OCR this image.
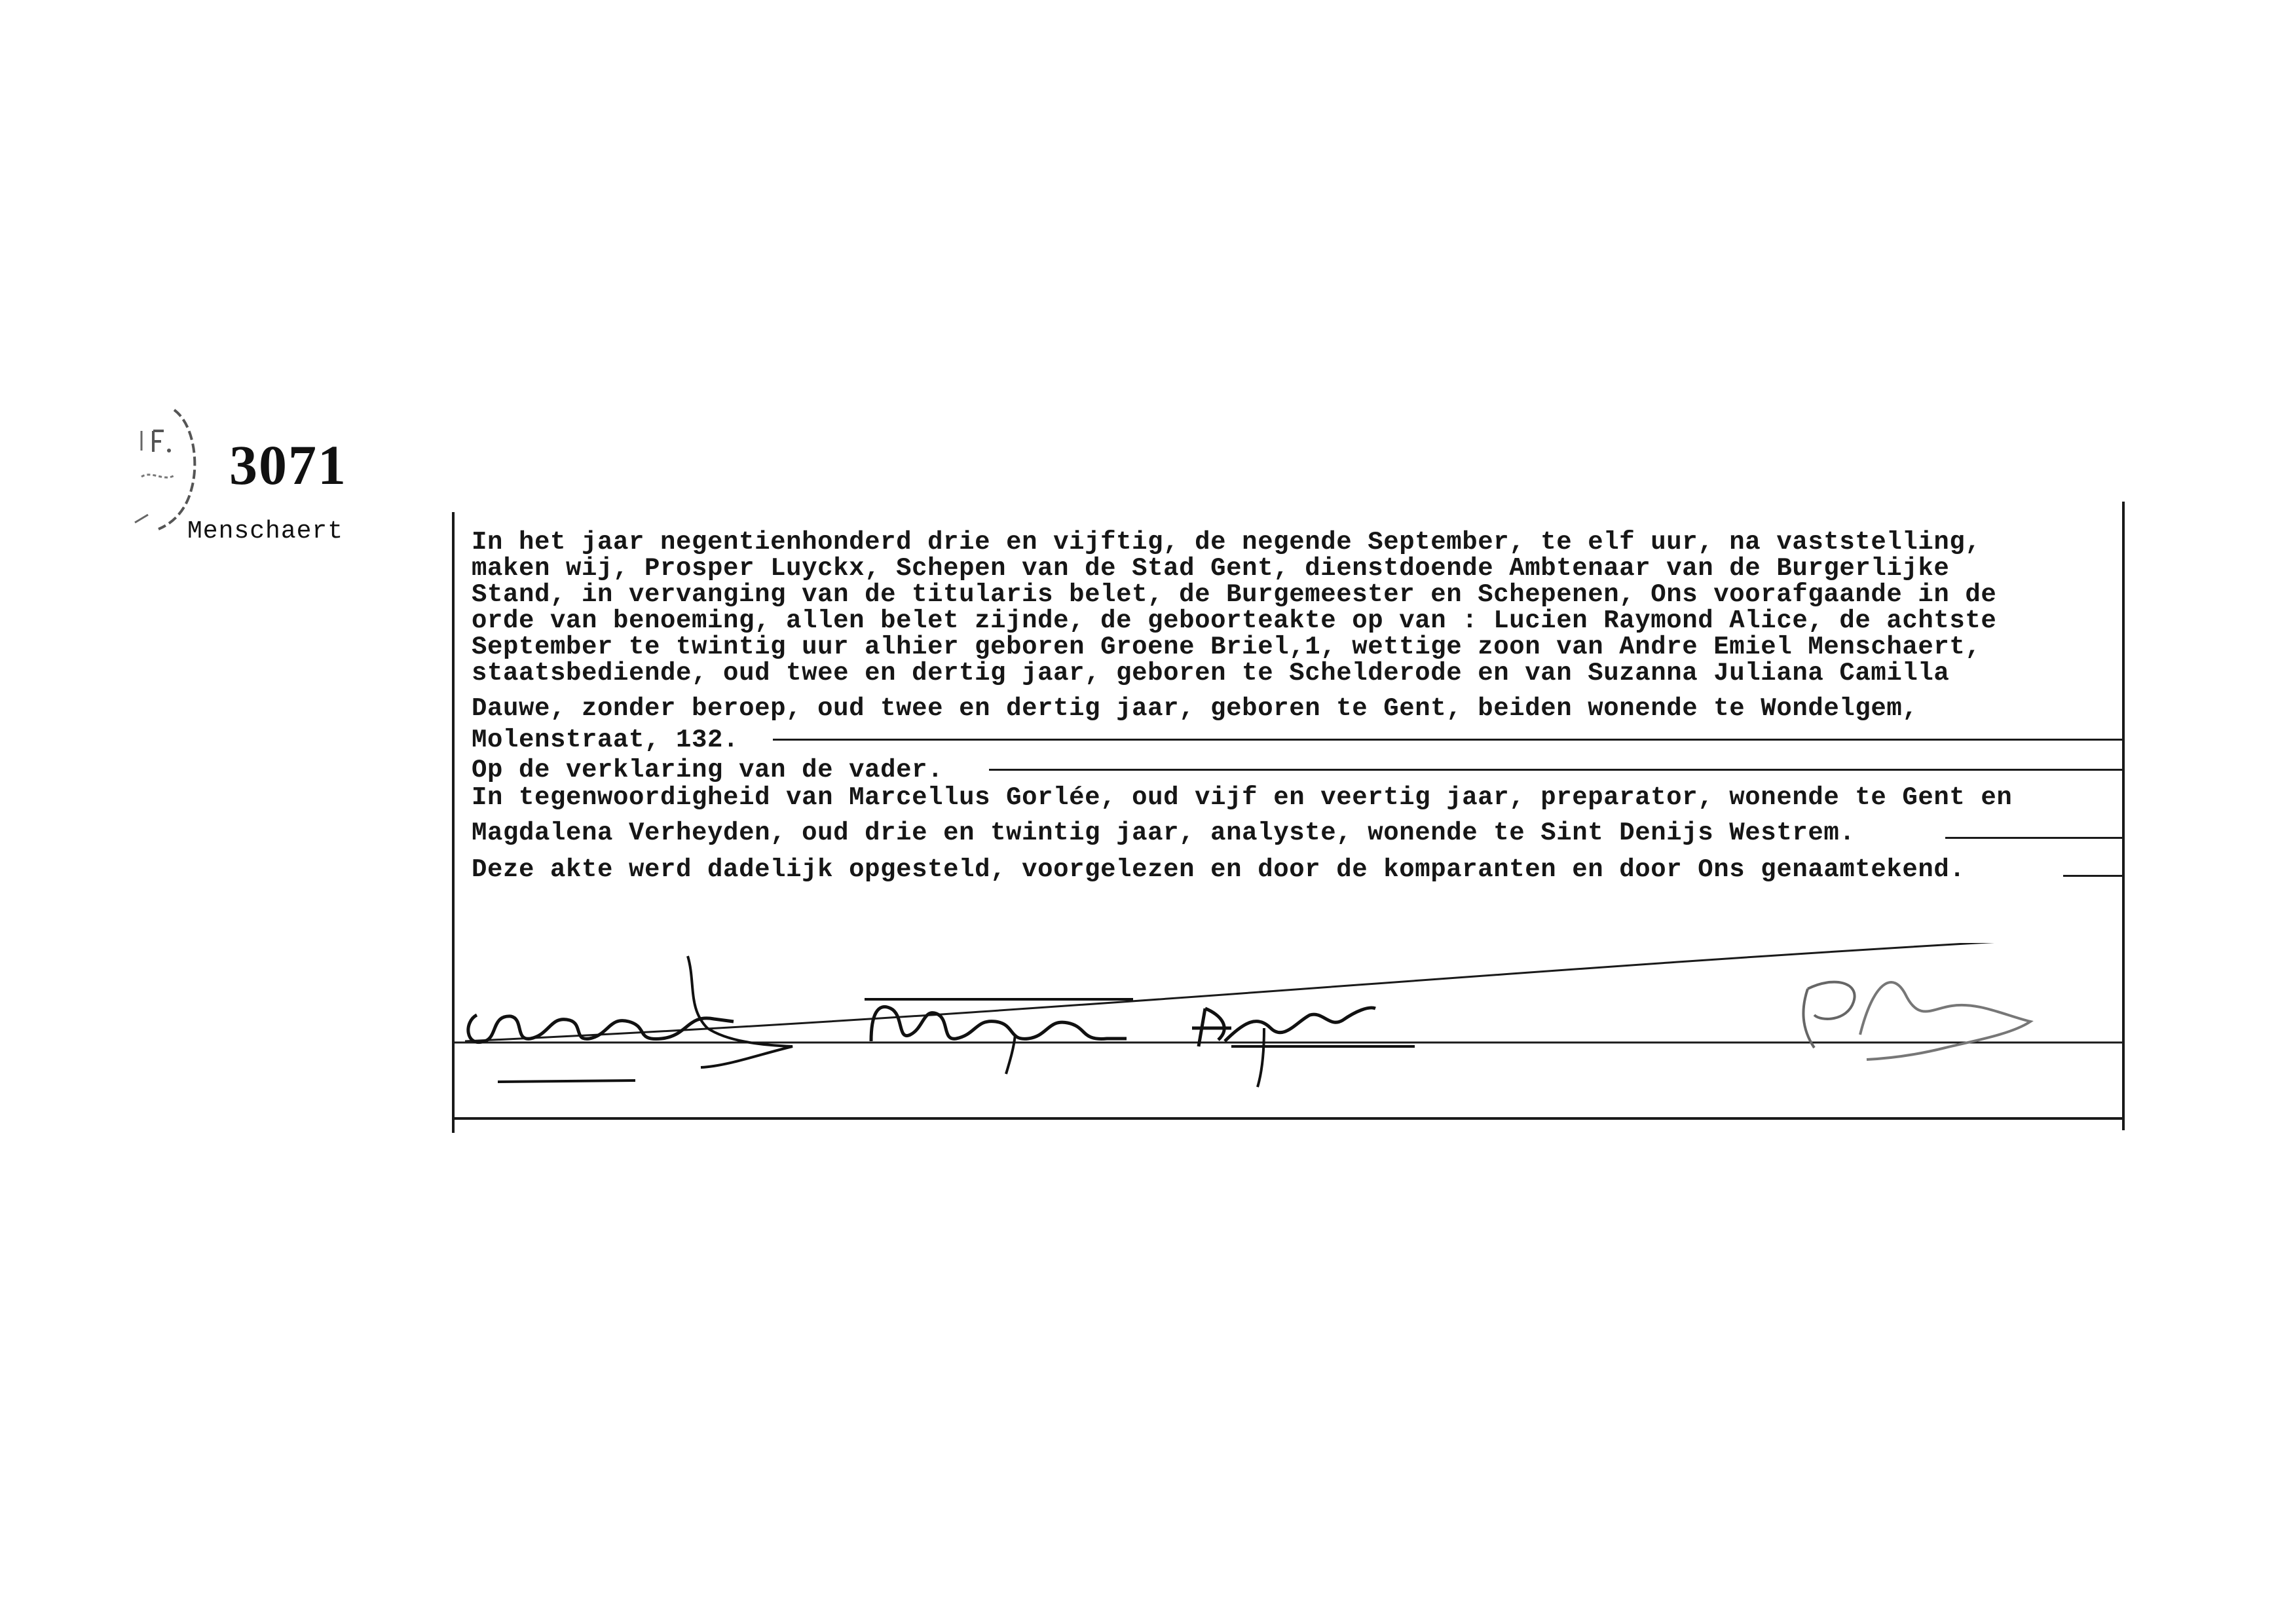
3071
Menschaert	In het jaar negentienhonderd drie en vijftig, de negende September, te elf uur, na vaststelling,

maken wij, Prosper Luyckx, Schepen van de Stad Gent, dienstdoende Ambtenaar van de Burgerlijke

Stand, in vervanging van de titularis belet, de Burgemeester en Schepenen, Ons voorafgaande in de

orde van benoeming, allen belet zijnde, de geboorteakte op van : Lucien Raymond Alice, de achtste

September te twintig uur alhier geboren Groene Briel,1, wettige zoon van Andre Emiel Menschaert,

staatsbediende, oud twee en dertig jaar, geboren te Schelderode en van Suzanna Juliana Camilla

Dauwe, zonder beroep, oud twee en dertig jaar, geboren te Gent, beiden wonende te Wondelgem,

Molenstraat, 132.

Op de verklaring van de vader.

In tegenwoordigheid van Marcellus Gorlée, oud vijf en veertig jaar, preparator, wonende te Gent en

Magdalena Verheyden, oud drie en twintig jaar, analyste, wonende te Sint Denijs Westrem.

Deze akte werd dadelijk opgesteld, voorgelezen en door de komparanten en door Ons genaamtekend.
